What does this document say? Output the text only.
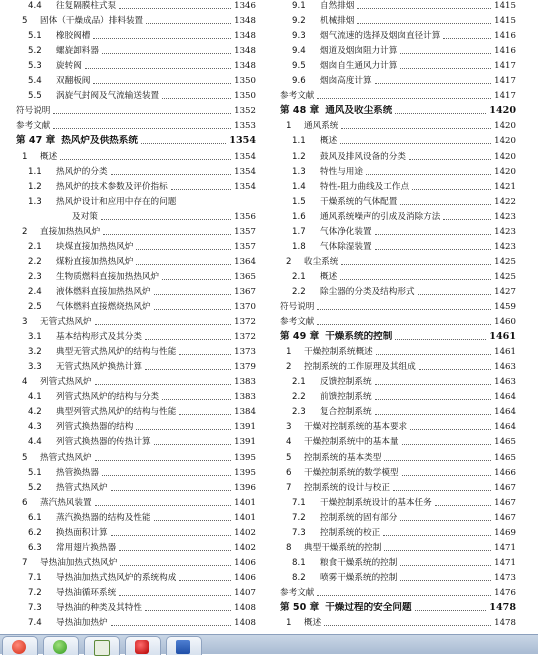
4.4	往复隔膜柱式泵	1346
5	固体（干燥成品）排料装置	1348
5.1	橡胶阀槽	1348
5.2	螺旋卸料器	1348
5.3	旋转阀	1348
5.4	双翻板阀	1350
5.5	涡旋气封阀及气流输送装置	1350
符号说明	1352
参考文献	1353
第 47 章 热风炉及供热系统	1354
1	概述	1354
1.1	热风炉的分类	1354
1.2	热风炉的技术参数及评价指标	1354
1.3	热风炉设计和应用中存在的问题
及对策	1356
2	直接加热热风炉	1357
2.1	块煤直接加热热风炉	1357
2.2	煤粉直接加热热风炉	1364
2.3	生物质燃料直接加热热风炉	1365
2.4	液体燃料直接加热热风炉	1367
2.5	气体燃料直接燃烧热风炉	1370
3	无管式热风炉	1372
3.1	基本结构形式及其分类	1372
3.2	典型无管式热风炉的结构与性能	1373
3.3	无管式热风炉换热计算	1379
4	列管式热风炉	1383
4.1	列管式热风炉的结构与分类	1383
4.2	典型列管式热风炉的结构与性能	1384
4.3	列管式换热器的结构	1391
4.4	列管式换热器的传热计算	1391
5	热管式热风炉	1395
5.1	热管换热器	1395
5.2	热管式热风炉	1396
6	蒸汽热风装置	1401
6.1	蒸汽换热器的结构及性能	1401
6.2	换热面积计算	1402
6.3	常用翅片换热器	1402
7	导热油加热式热风炉	1406
7.1	导热油加热式热风炉的系统构成	1406
7.2	导热油循环系统	1407
7.3	导热油的种类及其特性	1408
7.4	导热油加热炉	1408
9.1	自然排烟	1415
9.2	机械排烟	1415
9.3	烟气流速的选择及烟囱直径计算	1416
9.4	烟道及烟囱阻力计算	1416
9.5	烟囱自生通风力计算	1417
9.6	烟囱高度计算	1417
参考文献	1417
第 48 章 通风及收尘系统	1420
1	通风系统	1420
1.1	概述	1420
1.2	鼓风及排风设备的分类	1420
1.3	特性与用途	1420
1.4	特性-阻力曲线及工作点	1421
1.5	干燥系统的气体配置	1422
1.6	通风系统噪声的引成及消除方法	1423
1.7	气体净化装置	1423
1.8	气体除湿装置	1423
2	收尘系统	1425
2.1	概述	1425
2.2	除尘器的分类及结构形式	1427
符号说明	1459
参考文献	1460
第 49 章 干燥系统的控制	1461
1	干燥控制系统概述	1461
2	控制系统的工作原理及其组成	1463
2.1	反馈控制系统	1463
2.2	前馈控制系统	1464
2.3	复合控制系统	1464
3	干燥对控制系统的基本要求	1464
4	干燥控制系统中的基本量	1465
5	控制系统的基本类型	1465
6	干燥控制系统的数学模型	1466
7	控制系统的设计与校正	1467
7.1	干燥控制系统设计的基本任务	1467
7.2	控制系统的固有部分	1467
7.3	控制系统的校正	1469
8	典型干燥系统的控制	1471
8.1	粮食干燥系统的控制	1471
8.2	喷雾干燥系统的控制	1473
参考文献	1476
第 50 章 干燥过程的安全问题	1478
1	概述	1478
